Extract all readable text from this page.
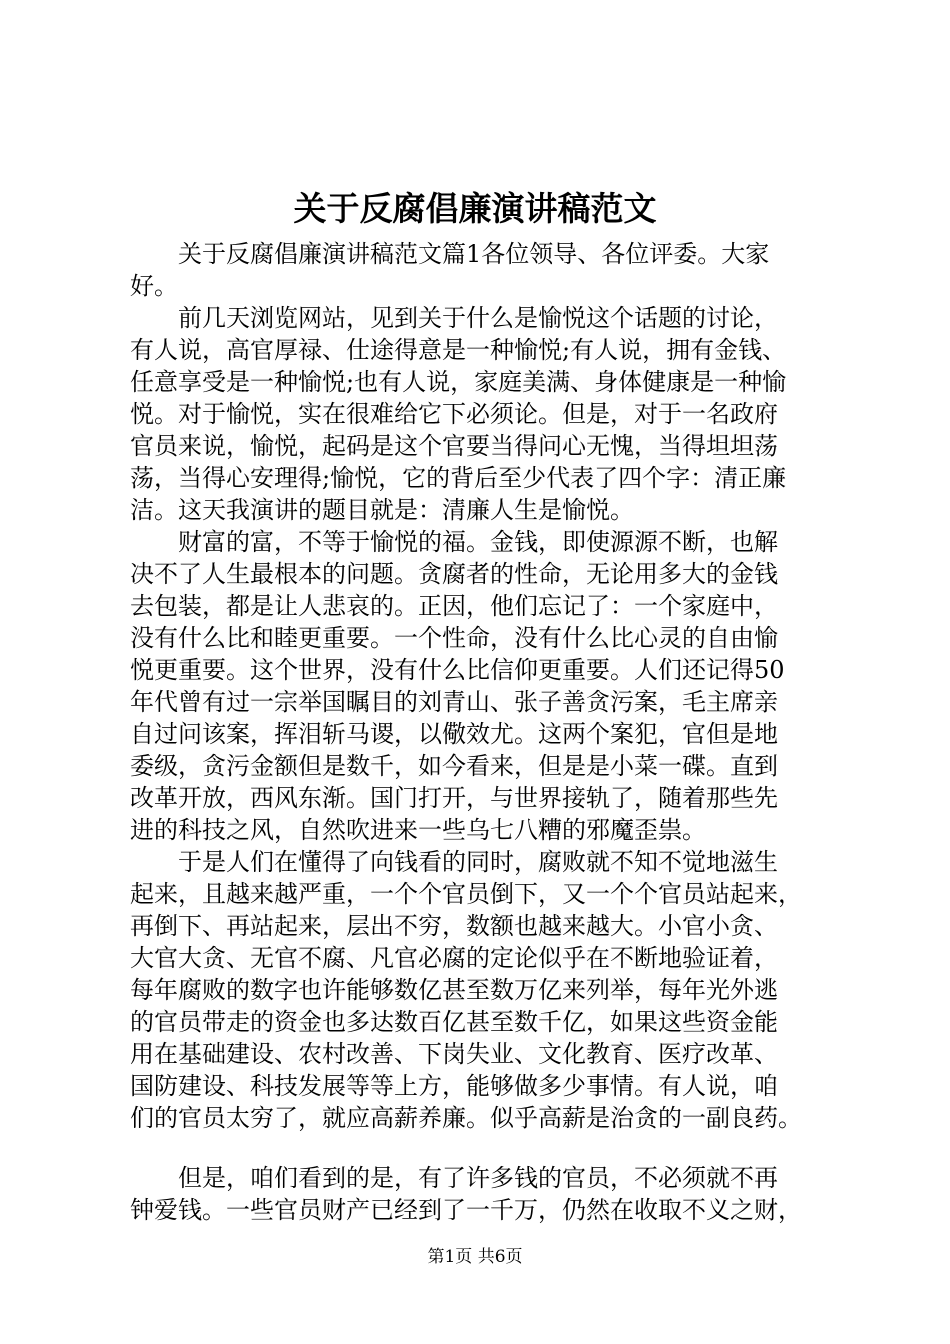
关于反腐倡廉演讲稿范文
关于反腐倡廉演讲稿范文篇1各位领导、各位评委。大家
好。
前几天浏览网站，见到关于什么是愉悦这个话题的讨论，
有人说，高官厚禄、仕途得意是一种愉悦;有人说，拥有金钱、
任意享受是一种愉悦;也有人说，家庭美满、身体健康是一种愉
悦。对于愉悦，实在很难给它下必须论。但是，对于一名政府
官员来说，愉悦，起码是这个官要当得问心无愧，当得坦坦荡
荡，当得心安理得;愉悦，它的背后至少代表了四个字：清正廉
洁。这天我演讲的题目就是：清廉人生是愉悦。
财富的富，不等于愉悦的福。金钱，即使源源不断，也解
决不了人生最根本的问题。贪腐者的性命，无论用多大的金钱
去包装，都是让人悲哀的。正因，他们忘记了：一个家庭中，
没有什么比和睦更重要。一个性命，没有什么比心灵的自由愉
悦更重要。这个世界，没有什么比信仰更重要。人们还记得50
年代曾有过一宗举国瞩目的刘青山、张子善贪污案，毛主席亲
自过问该案，挥泪斩马谡，以儆效尤。这两个案犯，官但是地
委级，贪污金额但是数千，如今看来，但是是小菜一碟。直到
改革开放，西风东渐。国门打开，与世界接轨了，随着那些先
进的科技之风，自然吹进来一些乌七八糟的邪魔歪祟。
于是人们在懂得了向钱看的同时，腐败就不知不觉地滋生
起来，且越来越严重，一个个官员倒下，又一个个官员站起来，
再倒下、再站起来，层出不穷，数额也越来越大。小官小贪、
大官大贪、无官不腐、凡官必腐的定论似乎在不断地验证着，
每年腐败的数字也许能够数亿甚至数万亿来列举，每年光外逃
的官员带走的资金也多达数百亿甚至数千亿，如果这些资金能
用在基础建设、农村改善、下岗失业、文化教育、医疗改革、
国防建设、科技发展等等上方，能够做多少事情。有人说，咱
们的官员太穷了，就应高薪养廉。似乎高薪是治贪的一副良药。
但是，咱们看到的是，有了许多钱的官员，不必须就不再
钟爱钱。一些官员财产已经到了一千万，仍然在收取不义之财，
第1页 共6页
